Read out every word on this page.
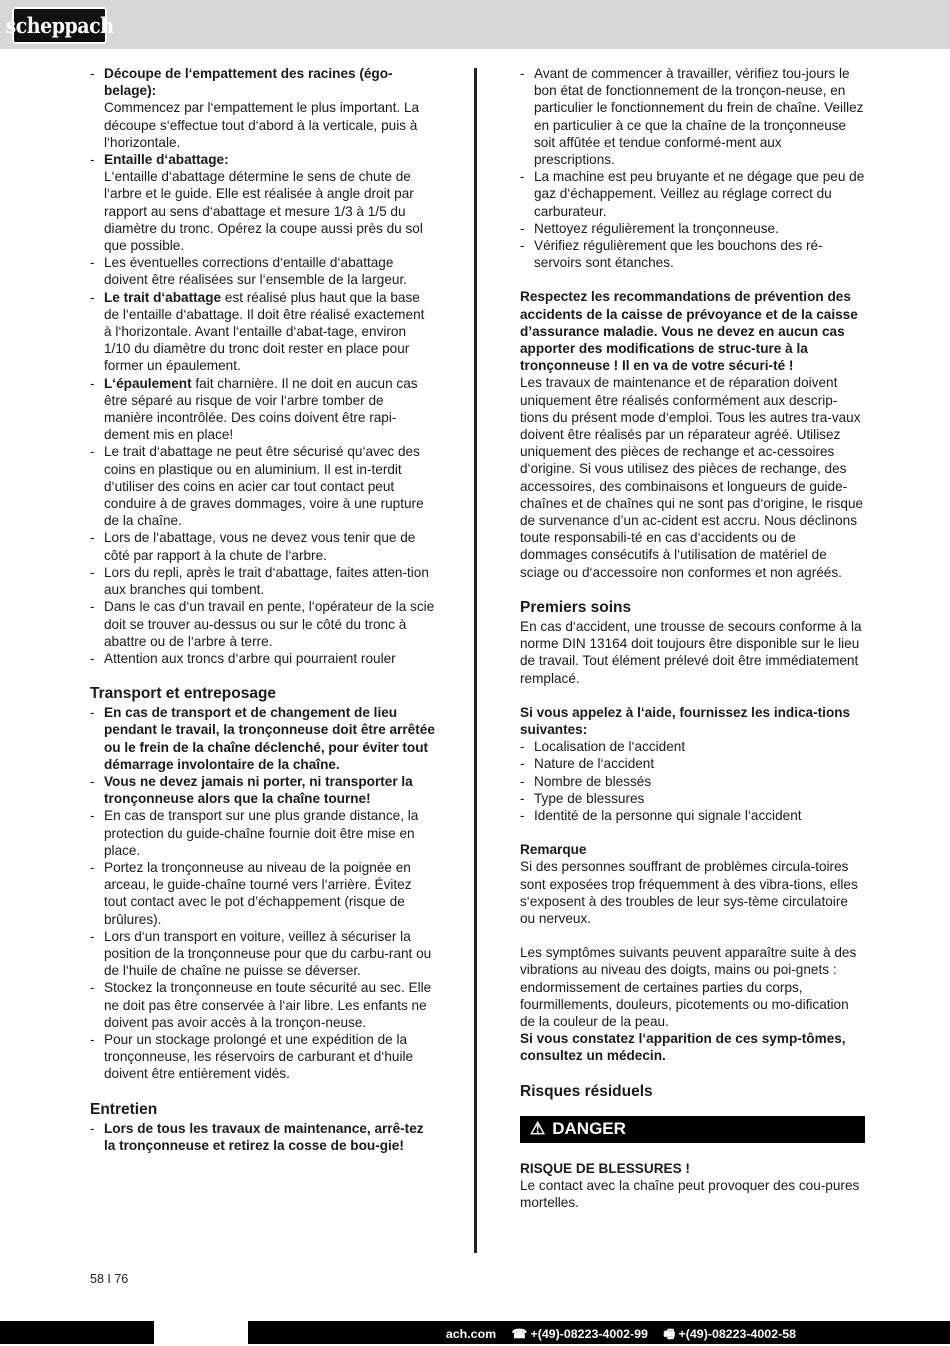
scheppach
- Découpe de l‘empattement des racines (égo-belage):
Commencez par l‘empattement le plus important. La découpe s‘effectue tout d‘abord à la verticale, puis à l‘horizontale.
- Entaille d‘abattage:
L‘entaille d‘abattage détermine le sens de chute de l‘arbre et le guide. Elle est réalisée à angle droit par rapport au sens d‘abattage et mesure 1/3 à 1/5 du diamètre du tronc. Opérez la coupe aussi près du sol que possible.
- Les éventuelles corrections d‘entaille d‘abattage doivent être réalisées sur l‘ensemble de la largeur.
- Le trait d‘abattage est réalisé plus haut que la base de l‘entaille d‘abattage. Il doit être réalisé exactement à l‘horizontale. Avant l‘entaille d‘abat-tage, environ 1/10 du diamètre du tronc doit rester en place pour former un épaulement.
- L‘épaulement fait charnière. Il ne doit en aucun cas être séparé au risque de voir l‘arbre tomber de manière incontrôlée. Des coins doivent être rapi-dement mis en place!
- Le trait d‘abattage ne peut être sécurisé qu‘avec des coins en plastique ou en aluminium. Il est in-terdit d‘utiliser des coins en acier car tout contact peut conduire à de graves dommages, voire à une rupture de la chaîne.
- Lors de l‘abattage, vous ne devez vous tenir que de côté par rapport à la chute de l‘arbre.
- Lors du repli, après le trait d‘abattage, faites atten-tion aux branches qui tombent.
- Dans le cas d‘un travail en pente, l‘opérateur de la scie doit se trouver au-dessus ou sur le côté du tronc à abattre ou de l‘arbre à terre.
- Attention aux troncs d‘arbre qui pourraient rouler
Transport et entreposage
- En cas de transport et de changement de lieu pendant le travail, la tronçonneuse doit être arrêtée ou le frein de la chaîne déclenché, pour éviter tout démarrage involontaire de la chaîne.
- Vous ne devez jamais ni porter, ni transporter la tronçonneuse alors que la chaîne tourne!
- En cas de transport sur une plus grande distance, la protection du guide-chaîne fournie doit être mise en place.
- Portez la tronçonneuse au niveau de la poignée en arceau, le guide-chaîne tourné vers l‘arrière. Évitez tout contact avec le pot d’échappement (risque de brûlures).
- Lors d‘un transport en voiture, veillez à sécuriser la position de la tronçonneuse pour que du carbu-rant ou de l‘huile de chaîne ne puisse se déverser.
- Stockez la tronçonneuse en toute sécurité au sec. Elle ne doit pas être conservée à l‘air libre. Les enfants ne doivent pas avoir accès à la tronçon-neuse.
- Pour un stockage prolongé et une expédition de la tronçonneuse, les réservoirs de carburant et d‘huile doivent être entièrement vidés.
Entretien
- Lors de tous les travaux de maintenance, arrê-tez la tronçonneuse et retirez la cosse de bou-gie!
- Avant de commencer à travailler, vérifiez tou-jours le bon état de fonctionnement de la tronçon-neuse, en particulier le fonctionnement du frein de chaîne. Veillez en particulier à ce que la chaîne de la tronçonneuse soit affûtée et tendue conformé-ment aux prescriptions.
- La machine est peu bruyante et ne dégage que peu de gaz d‘échappement. Veillez au réglage correct du carburateur.
- Nettoyez régulièrement la tronçonneuse.
- Vérifiez régulièrement que les bouchons des ré-servoirs sont étanches.

Respectez les recommandations de prévention des accidents de la caisse de prévoyance et de la caisse d’assurance maladie. Vous ne devez en aucun cas apporter des modifications de struc-ture à la tronçonneuse ! Il en va de votre sécuri-té !

Les travaux de maintenance et de réparation doivent uniquement être réalisés conformément aux descrip-tions du présent mode d‘emploi. Tous les autres tra-vaux doivent être réalisés par un réparateur agréé. Utilisez uniquement des pièces de rechange et ac-cessoires d‘origine. Si vous utilisez des pièces de rechange, des accessoires, des combinaisons et longueurs de guide-chaînes et de chaînes qui ne sont pas d‘origine, le risque de survenance d’un ac-cident est accru. Nous déclinons toute responsabili-té en cas d‘accidents ou de dommages consécutifs à l‘utilisation de matériel de sciage ou d‘accessoire non conformes et non agréés.

Premiers soins

En cas d‘accident, une trousse de secours conforme à la norme DIN 13164 doit toujours être disponible sur le lieu de travail. Tout élément prélevé doit être immédiatement remplacé.

Si vous appelez à l‘aide, fournissez les indica-tions suivantes:

- Localisation de l‘accident
- Nature de l‘accident
- Nombre de blessés
- Type de blessures
- Identité de la personne qui signale l‘accident

Remarque

Si des personnes souffrant de problèmes circula-toires sont exposées trop fréquemment à des vibra-tions, elles s‘exposent à des troubles de leur sys-tème circulatoire ou nerveux.

Les symptômes suivants peuvent apparaître suite à des vibrations au niveau des doigts, mains ou poi-gnets : endormissement de certaines parties du corps, fourmillements, douleurs, picotements ou mo-dification de la couleur de la peau.

Si vous constatez l‘apparition de ces symp-tômes, consultez un médecin.

Risques résiduels
⚠ DANGER

RISQUE DE BLESSURES !

Le contact avec la chaîne peut provoquer des cou-pures mortelles.

58 I 76
ach.com ☎ +(49)-08223-4002-99 🖷 +(49)-08223-4002-58
